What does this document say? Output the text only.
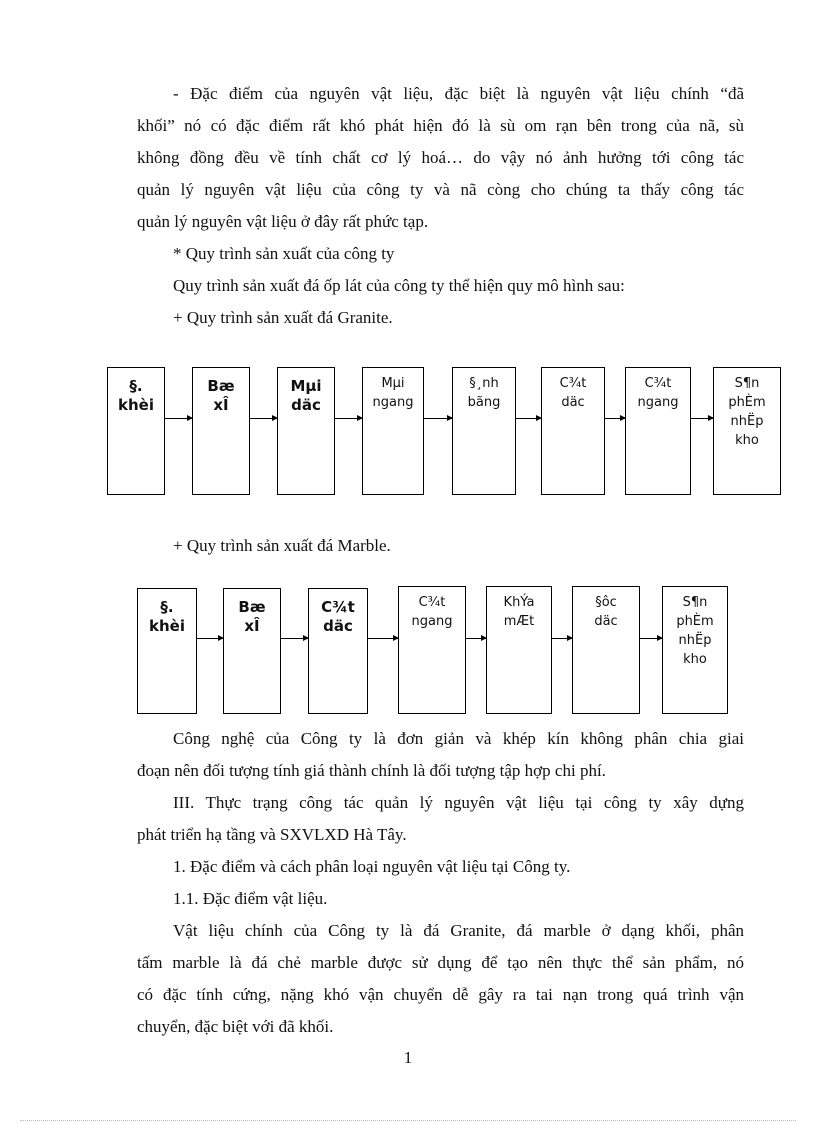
- Đặc điểm của nguyên vật liệu, đặc biệt là nguyên vật liệu chính “đã

khối” nó có đặc điểm rất khó phát hiện đó là sù om rạn bên trong của nã, sù

không đồng đều về tính chất cơ lý hoá… do vậy nó ảnh hưởng tới công tác

quản lý nguyên vật liệu của công ty và nã còng cho chúng ta thấy công tác

quản lý nguyên vật liệu ở đây rất phức tạp.

* Quy trình sản xuất của công ty

Quy trình sản xuất đá ốp lát của công ty thể hiện quy mô hình sau:

+ Quy trình sản xuất đá Granite.

§.
khèi
Bæ
xÎ
Mµi
däc
Mµi
ngang
§¸nh
bãng
C¾t
däc
C¾t
ngang
S¶n
phÈm
nhËp
kho

+ Quy trình sản xuất đá Marble.

§.
khèi
Bæ
xÎ
C¾t
däc
C¾t
ngang
KhÝa
mÆt
§ôc
däc
S¶n
phÈm
nhËp
kho

Công nghệ của Công ty là đơn giản và khép kín không phân chia giai

đoạn nên đối tượng tính giá thành chính là đối tượng tập hợp chi phí.

III. Thực trạng công tác quản lý nguyên vật liệu tại công ty xây dựng

phát triển hạ tầng và SXVLXD Hà Tây.

1. Đặc điểm và cách phân loại nguyên vật liệu tại Công ty.

1.1. Đặc điểm vật liệu.

Vật liệu chính của Công ty là đá Granite, đá marble ở dạng khối, phân

tấm marble là đá chẻ marble được sử dụng để tạo nên thực thể sản phẩm, nó

có đặc tính cứng, nặng khó vận chuyển dễ gây ra tai nạn trong quá trình vận

chuyển, đặc biệt với đã khối.

1
